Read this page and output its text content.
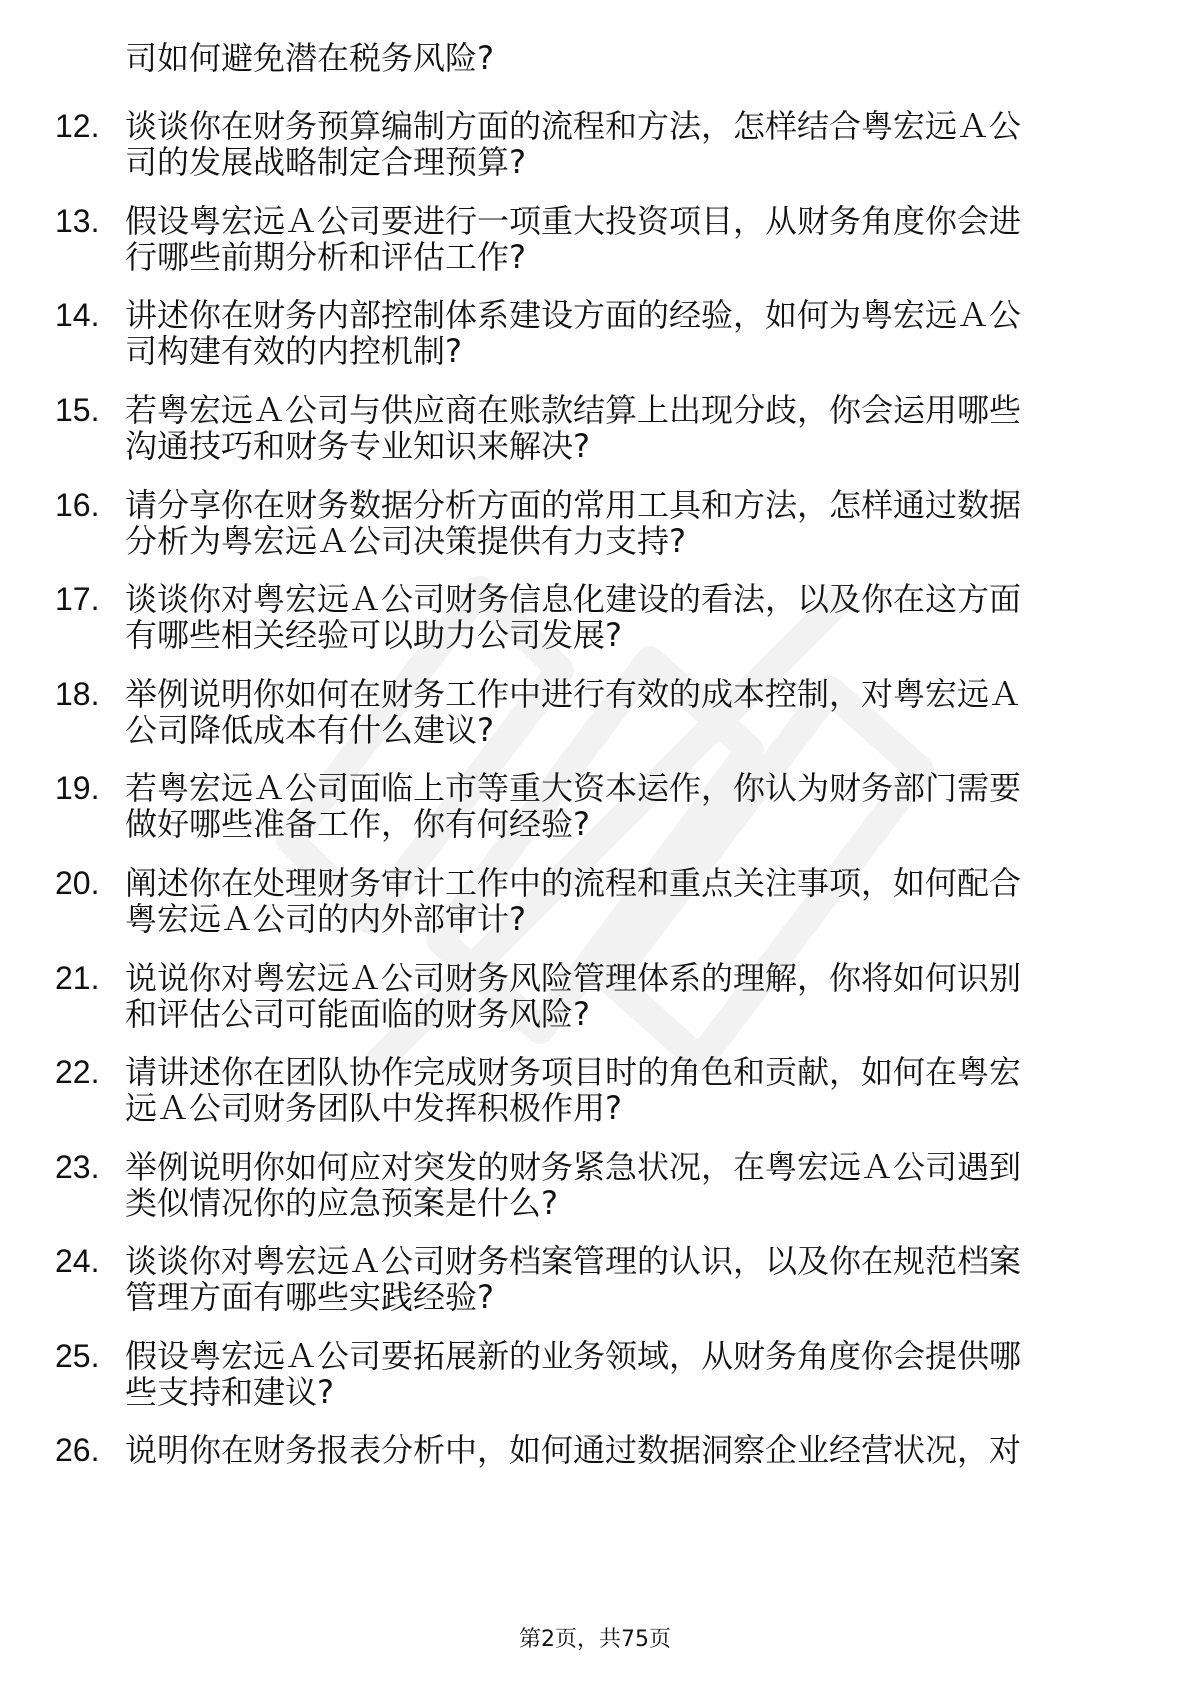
司如何避免潜在税务风险?
12. 谈谈你在财务预算编制方面的流程和方法，怎样结合粤宏远Ａ公
司的发展战略制定合理预算?
13. 假设粤宏远Ａ公司要进行一项重大投资项目，从财务角度你会进
行哪些前期分析和评估工作?
14. 讲述你在财务内部控制体系建设方面的经验，如何为粤宏远Ａ公
司构建有效的内控机制?
15. 若粤宏远Ａ公司与供应商在账款结算上出现分歧，你会运用哪些
沟通技巧和财务专业知识来解决?
16. 请分享你在财务数据分析方面的常用工具和方法，怎样通过数据
分析为粤宏远Ａ公司决策提供有力支持?
17. 谈谈你对粤宏远Ａ公司财务信息化建设的看法，以及你在这方面
有哪些相关经验可以助力公司发展?
18. 举例说明你如何在财务工作中进行有效的成本控制，对粤宏远Ａ
公司降低成本有什么建议?
19. 若粤宏远Ａ公司面临上市等重大资本运作，你认为财务部门需要
做好哪些准备工作，你有何经验?
20. 阐述你在处理财务审计工作中的流程和重点关注事项，如何配合
粤宏远Ａ公司的内外部审计?
21. 说说你对粤宏远Ａ公司财务风险管理体系的理解，你将如何识别
和评估公司可能面临的财务风险?
22. 请讲述你在团队协作完成财务项目时的角色和贡献，如何在粤宏
远Ａ公司财务团队中发挥积极作用?
23. 举例说明你如何应对突发的财务紧急状况，在粤宏远Ａ公司遇到
类似情况你的应急预案是什么?
24. 谈谈你对粤宏远Ａ公司财务档案管理的认识，以及你在规范档案
管理方面有哪些实践经验?
25. 假设粤宏远Ａ公司要拓展新的业务领域，从财务角度你会提供哪
些支持和建议?
26. 说明你在财务报表分析中，如何通过数据洞察企业经营状况，对
第2页，共75页
